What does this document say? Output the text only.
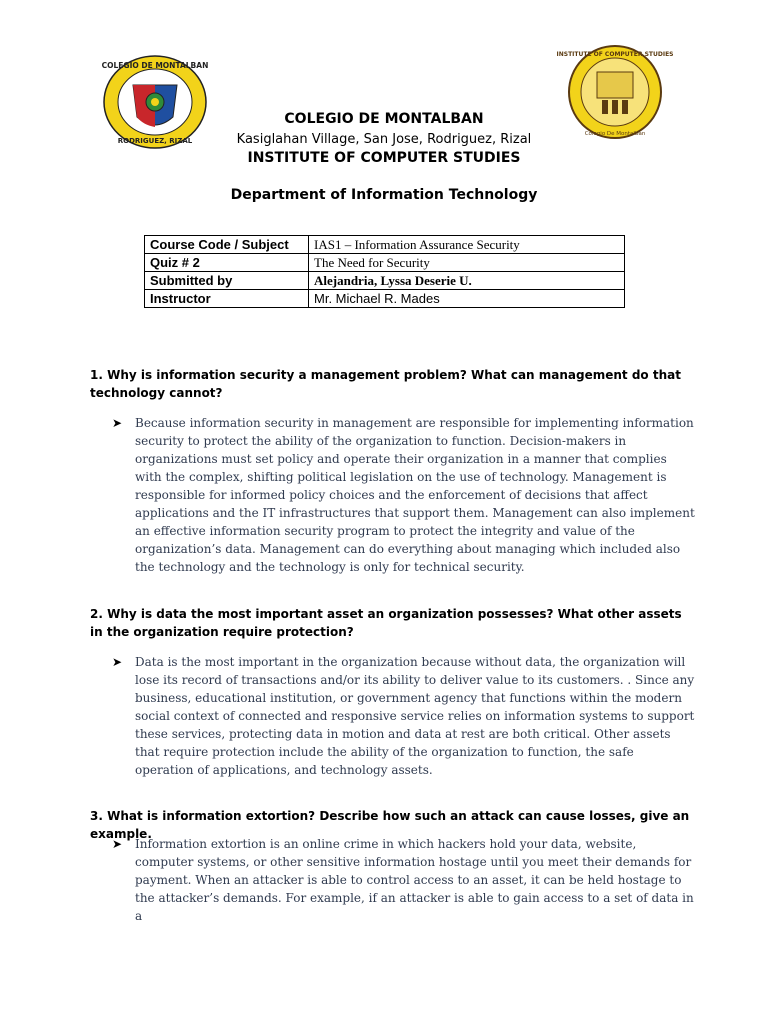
COLEGIO DE MONTALBAN
RODRIGUEZ, RIZAL
INSTITUTE OF COMPUTER STUDIES
Colegio De Montalban
COLEGIO DE MONTALBAN
Kasiglahan Village, San Jose, Rodriguez, Rizal
INSTITUTE OF COMPUTER STUDIES
Department of Information Technology
Course Code / Subject	IAS1 – Information Assurance Security
Quiz # 2	The Need for Security
Submitted by	Alejandria, Lyssa Deserie U.
Instructor	Mr. Michael R. Mades
1. Why is information security a management problem? What can management do that technology cannot?
➤ Because information security in management are responsible for implementing information security to protect the ability of the organization to function. Decision-makers in organizations must set policy and operate their organization in a manner that complies with the complex, shifting political legislation on the use of technology. Management is responsible for informed policy choices and the enforcement of decisions that affect applications and the IT infrastructures that support them. Management can also implement an effective information security program to protect the integrity and value of the organization’s data. Management can do everything about managing which included also the technology and the technology is only for technical security.
2. Why is data the most important asset an organization possesses? What other assets in the organization require protection?
➤ Data is the most important in the organization because without data, the organization will lose its record of transactions and/or its ability to deliver value to its customers. . Since any business, educational institution, or government agency that functions within the modern social context of connected and responsive service relies on information systems to support these services, protecting data in motion and data at rest are both critical. Other assets that require protection include the ability of the organization to function, the safe operation of applications, and technology assets.
3. What is information extortion? Describe how such an attack can cause losses, give an example.
➤ Information extortion is an online crime in which hackers hold your data, website, computer systems, or other sensitive information hostage until you meet their demands for payment. When an attacker is able to control access to an asset, it can be held hostage to the attacker’s demands. For example, if an attacker is able to gain access to a set of data in a
